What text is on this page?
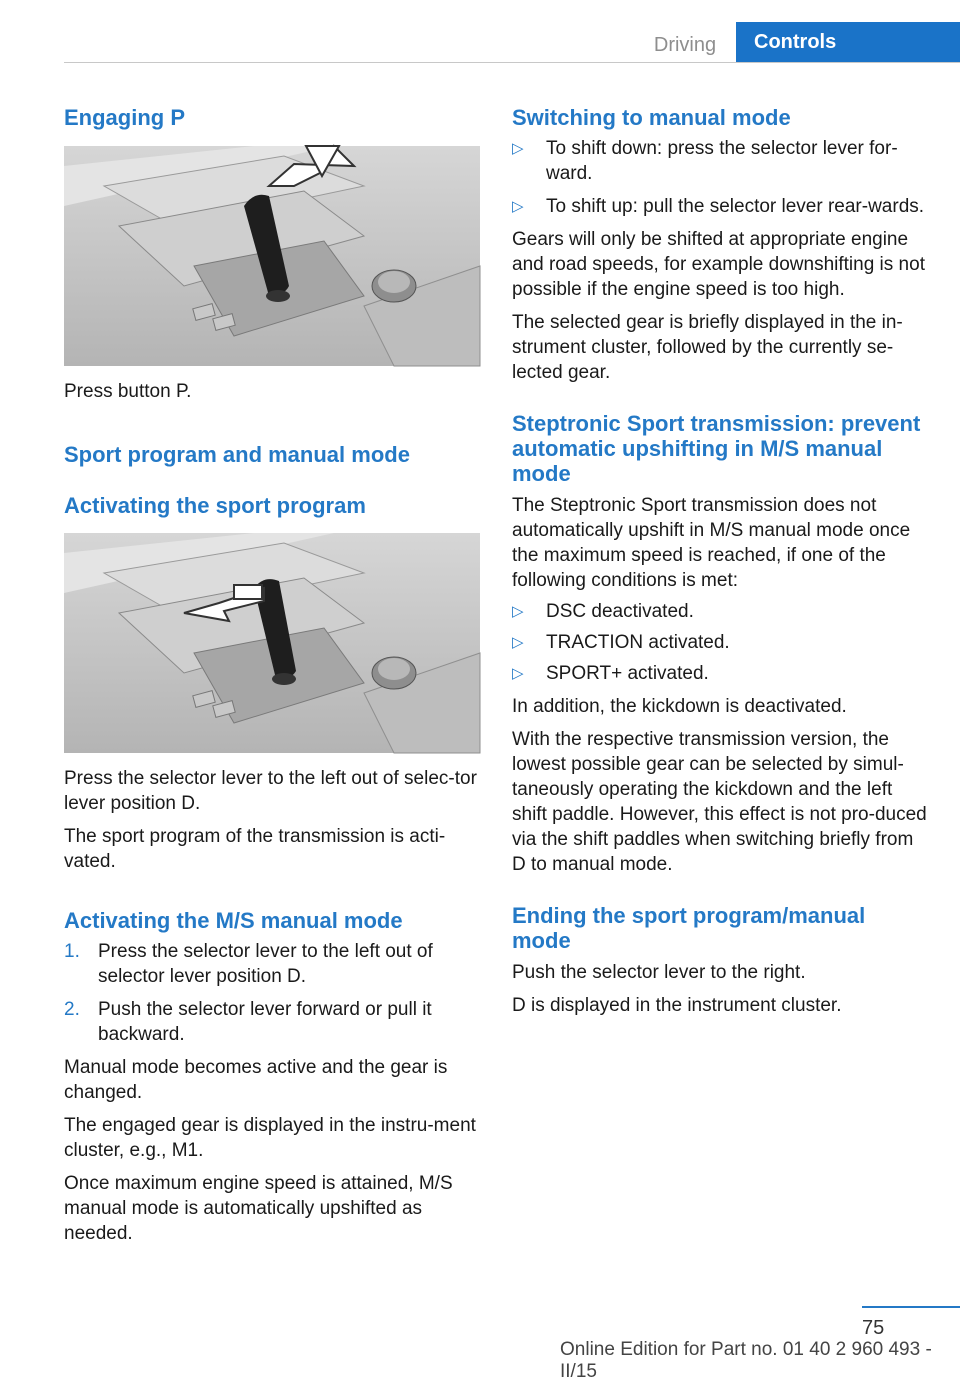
Driving	Controls
Engaging P

Press button P.

Sport program and manual mode
Activating the sport program

Press the selector lever to the left out of selec-tor lever position D.

The sport program of the transmission is acti-vated.

Activating the M/S manual mode
1. Press the selector lever to the left out of selector lever position D.
2. Push the selector lever forward or pull it backward.

Manual mode becomes active and the gear is changed.

The engaged gear is displayed in the instru-ment cluster, e.g., M1.

Once maximum engine speed is attained, M/S manual mode is automatically upshifted as needed.

Switching to manual mode
▷ To shift down: press the selector lever for-ward.
▷ To shift up: pull the selector lever rear-wards.

Gears will only be shifted at appropriate engine and road speeds, for example downshifting is not possible if the engine speed is too high.

The selected gear is briefly displayed in the in-strument cluster, followed by the currently se-lected gear.

Steptronic Sport transmission: prevent automatic upshifting in M/S manual mode

The Steptronic Sport transmission does not automatically upshift in M/S manual mode once the maximum speed is reached, if one of the following conditions is met:

▷ DSC deactivated.
▷ TRACTION activated.
▷ SPORT+ activated.

In addition, the kickdown is deactivated.

With the respective transmission version, the lowest possible gear can be selected by simul-taneously operating the kickdown and the left shift paddle. However, this effect is not pro-duced via the shift paddles when switching briefly from D to manual mode.

Ending the sport program/manual mode

Push the selector lever to the right.

D is displayed in the instrument cluster.

75
Online Edition for Part no. 01 40 2 960 493 - II/15
